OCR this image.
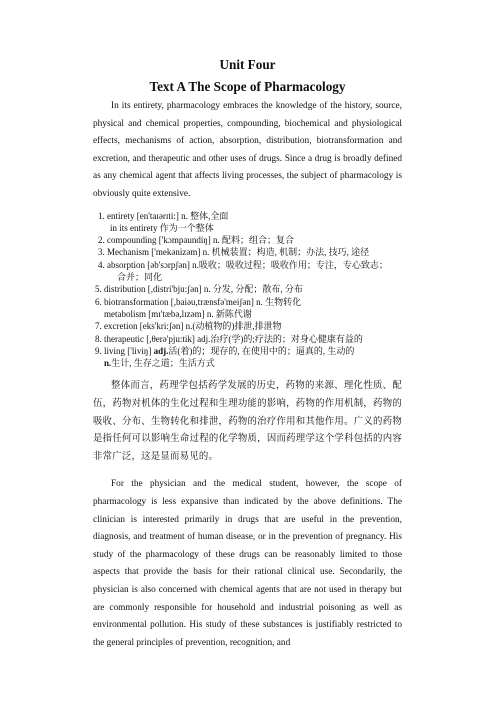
Unit Four
Text A The Scope of Pharmacology

In its entirety, pharmacology embraces the knowledge of the history, source, physical and chemical properties, compounding, biochemical and physiological effects, mechanisms of action, absorption, distribution, biotransformation and excretion, and therapeutic and other uses of drugs. Since a drug is broadly defined as any chemical agent that affects living processes, the subject of pharmacology is obviously quite extensive.

1. entirety [en'taɪərɪti:] n. 整体,全面
in its entirety 作为一个整体
2. compounding ['kɔmpaundiŋ] n. 配料；组合；复合
3. Mechanism ['mekənizəm] n. 机械装置；构造, 机制；办法, 技巧, 途径
4. absorption [əb'sɔrpʃən] n.吸收；吸收过程；吸收作用；专注，专心致志；
合并；同化
5. distribution [,distri'bju:ʃən] n. 分发, 分配；散布, 分布
6. biotransformation [,baiəu,trænsfə'meiʃən] n. 生物转化
metabolism [mɪ'tæbə,lɪzəm] n. 新陈代谢
7. excretion [eks'kri:ʃən] n.(动植物的)排泄,排泄物
8. therapeutic [,θerə'pju:tik] adj.治疗(学)的;疗法的；对身心健康有益的
9. living ['liviŋ] adj.活(着)的；现存的, 在使用中的；逼真的, 生动的
n.生计, 生存之道；生活方式

整体而言，药理学包括药学发展的历史，药物的来源、理化性质、配伍，药物对机体的生化过程和生理功能的影响，药物的作用机制，药物的吸收、分布、生物转化和排泄，药物的治疗作用和其他作用。广义的药物是指任何可以影响生命过程的化学物质，因而药理学这个学科包括的内容非常广泛，这是显而易见的。

For the physician and the medical student, however, the scope of pharmacology is less expansive than indicated by the above definitions. The clinician is interested primarily in drugs that are useful in the prevention, diagnosis, and treatment of human disease, or in the prevention of pregnancy. His study of the pharmacology of these drugs can be reasonably limited to those aspects that provide the basis for their rational clinical use. Secondarily, the physician is also concerned with chemical agents that are not used in therapy but are commonly responsible for household and industrial poisoning as well as environmental pollution. His study of these substances is justifiably restricted to the general principles of prevention, recognition, and
